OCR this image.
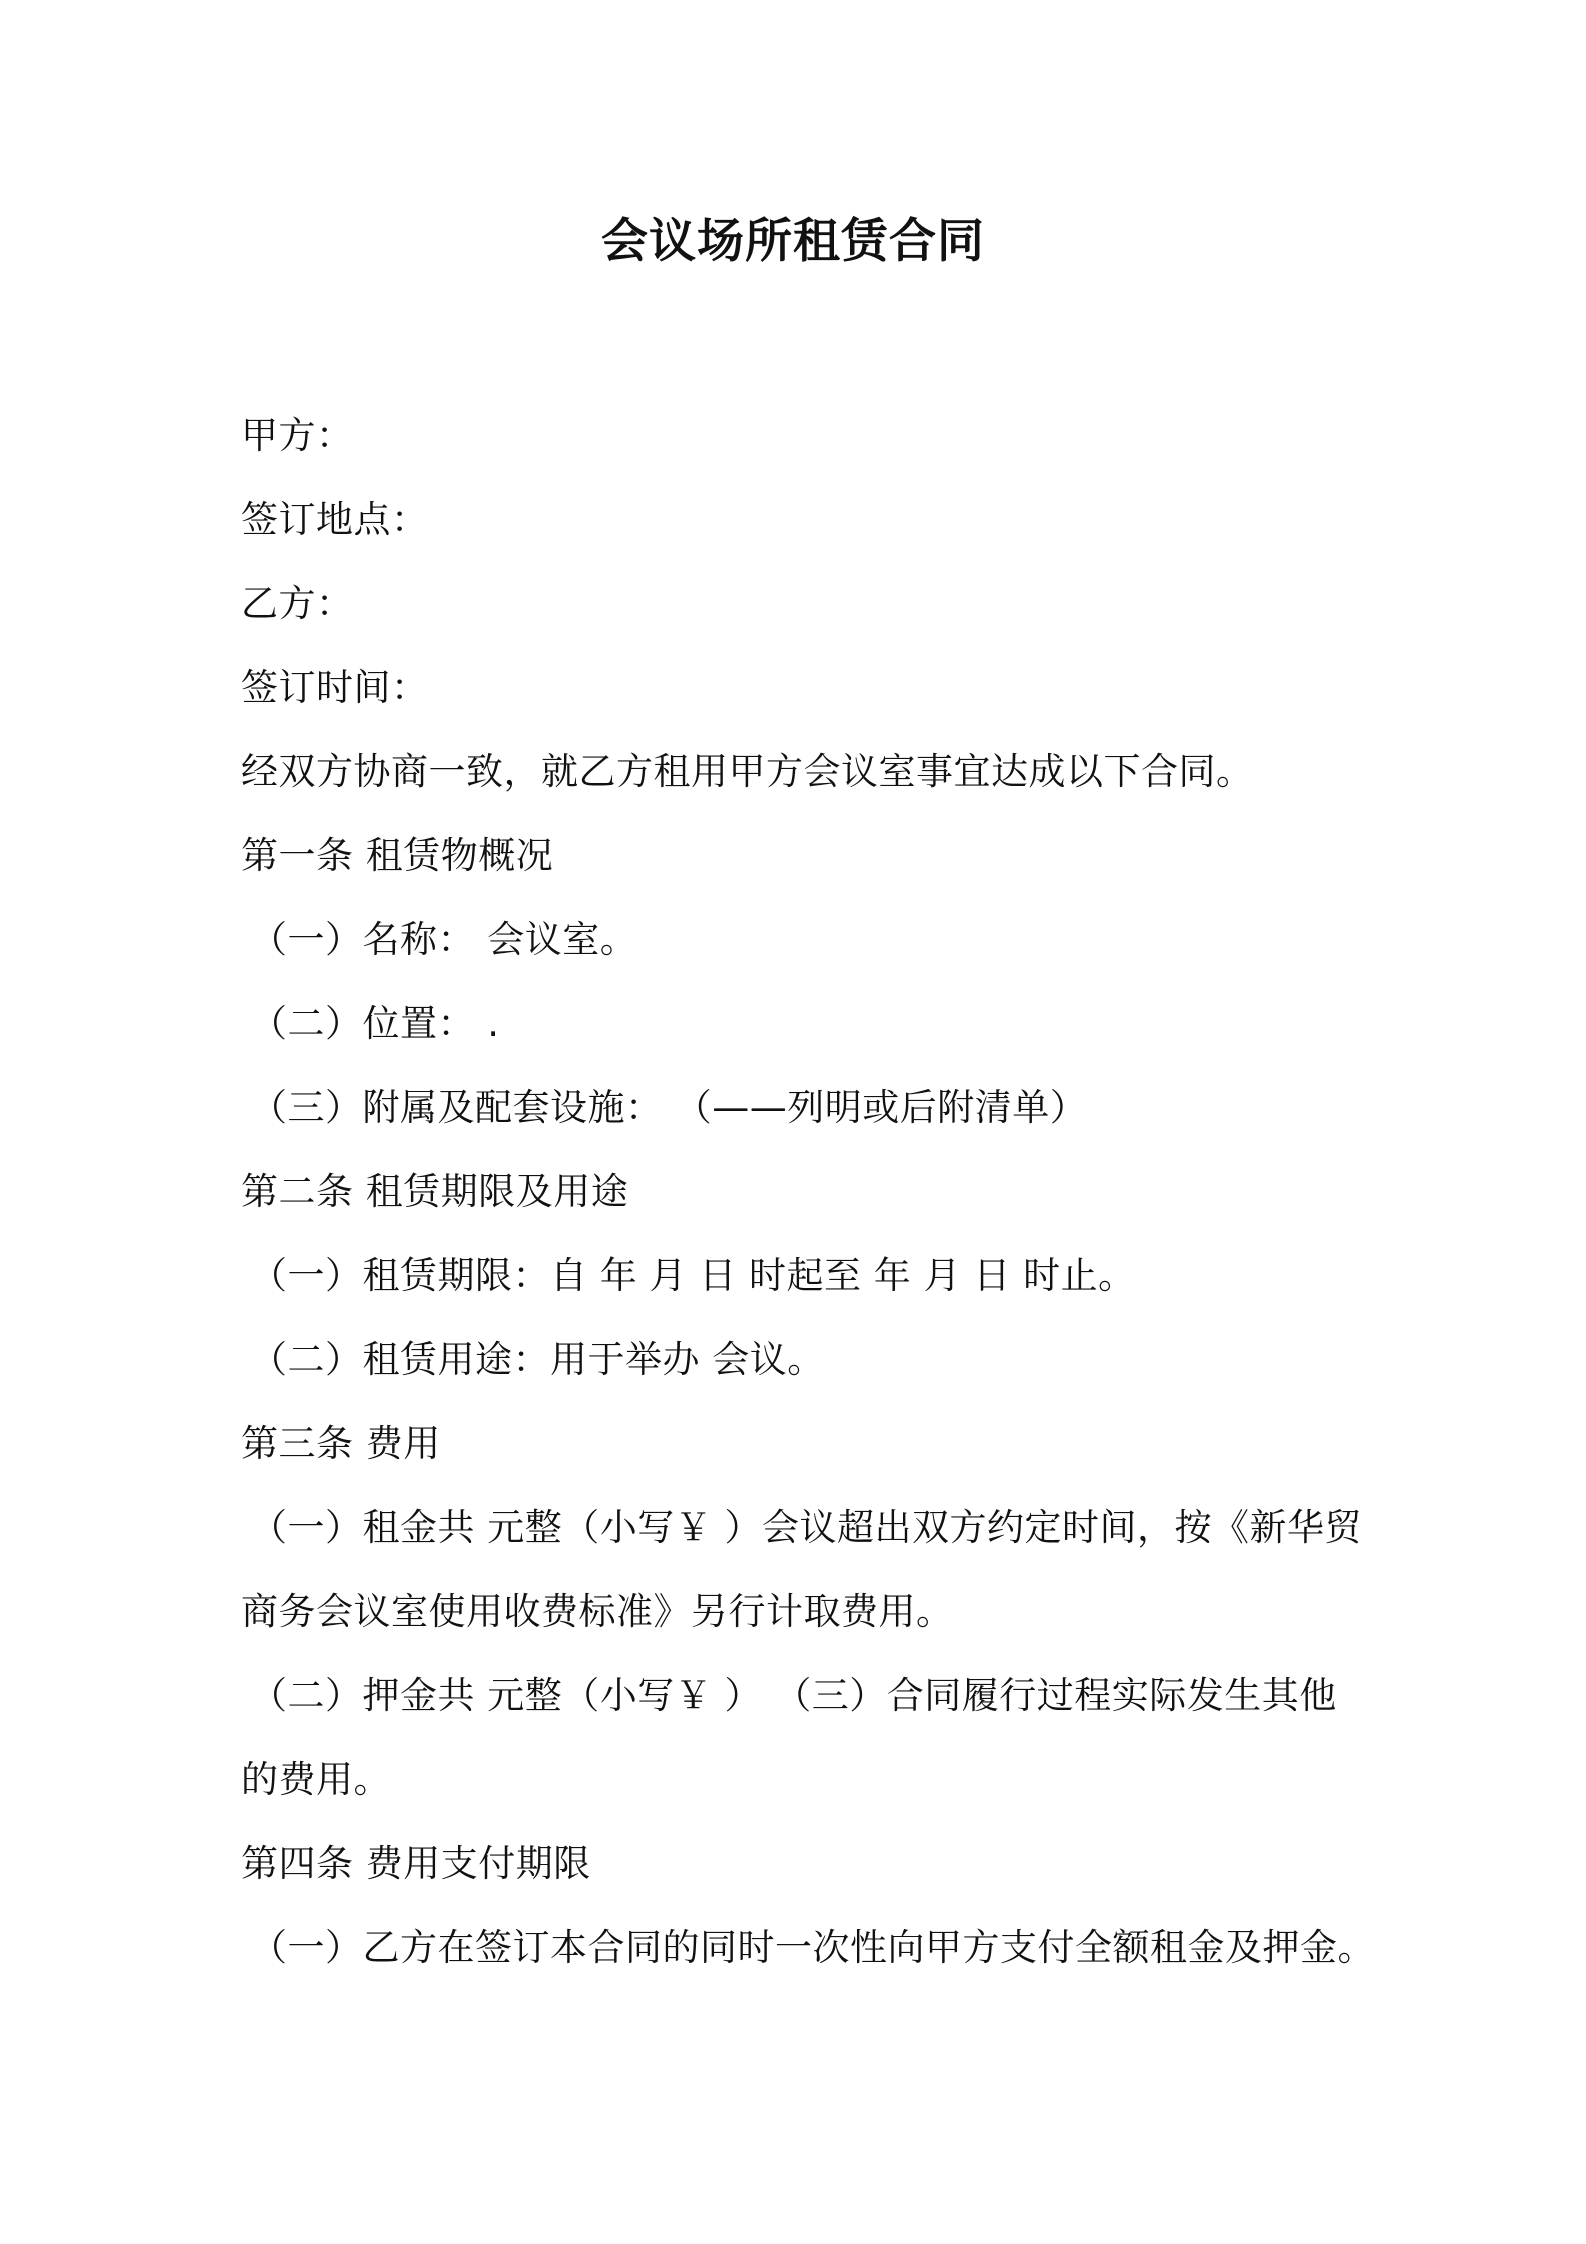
会议场所租赁合同
甲方：
签订地点：
乙方：
签订时间：
经双方协商一致，就乙方租用甲方会议室事宜达成以下合同。
第一条 租赁物概况
（一）名称： 会议室。
（二）位置： .
（三）附属及配套设施： （——列明或后附清单）
第二条 租赁期限及用途
（一）租赁期限：自 年 月 日 时起至 年 月 日 时止。
（二）租赁用途：用于举办 会议。
第三条 费用
（一）租金共 元整（小写￥ ）会议超出双方约定时间，按《新华贸
商务会议室使用收费标准》另行计取费用。
（二）押金共 元整（小写￥ ） （三）合同履行过程实际发生其他
的费用。
第四条 费用支付期限
（一）乙方在签订本合同的同时一次性向甲方支付全额租金及押金。
